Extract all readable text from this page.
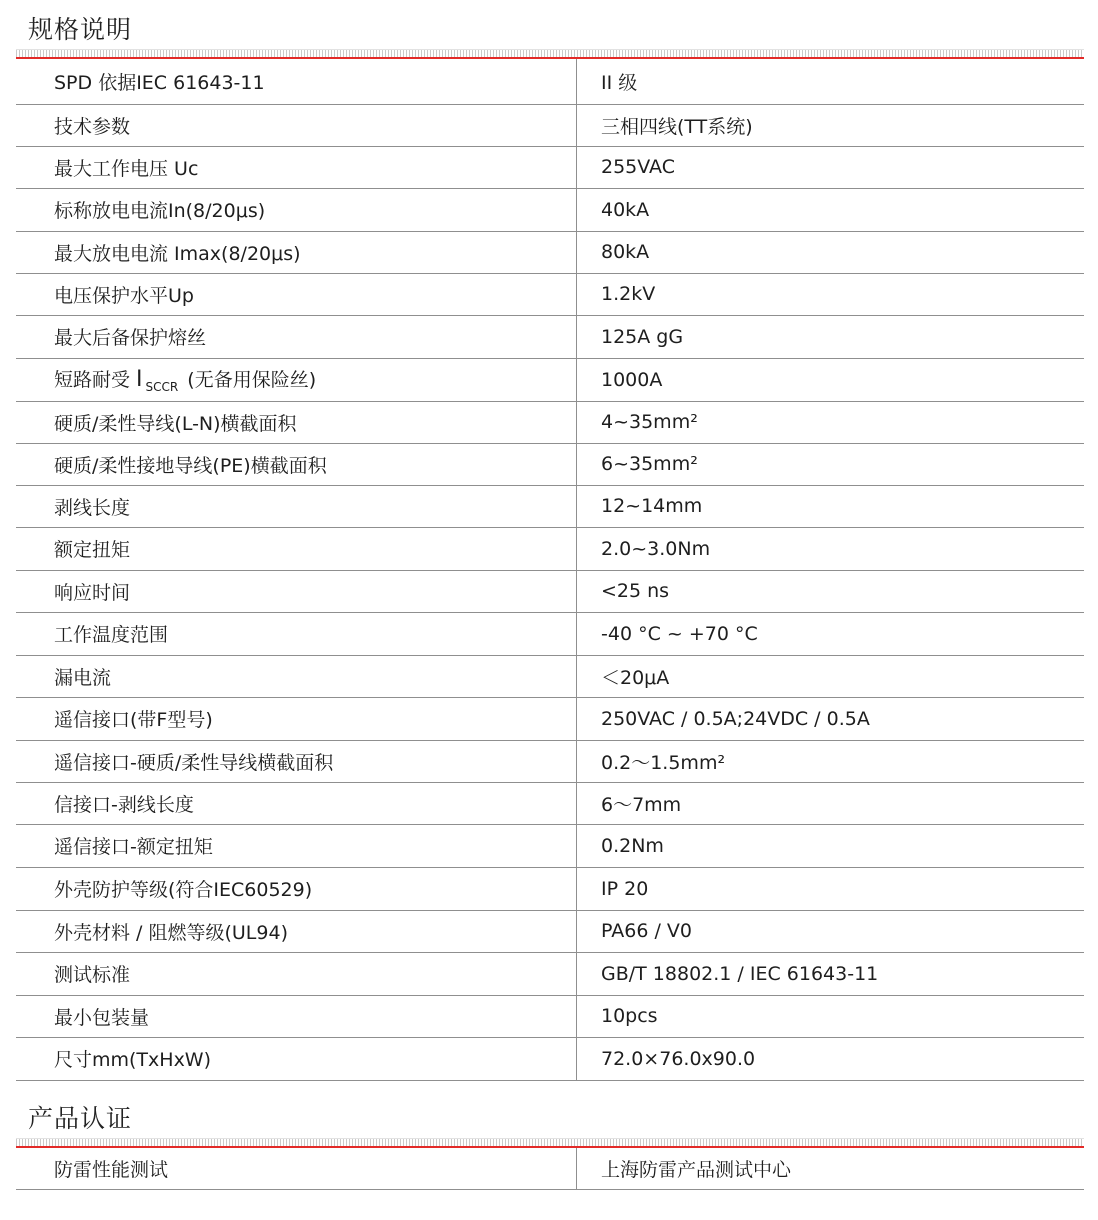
规格说明
SPD 依据IEC 61643-11	II 级
技术参数	三相四线(TT系统)
最大工作电压 Uc	255VAC
标称放电电流In(8/20μs)	40kA
最大放电电流 Imax(8/20μs)	80kA
电压保护水平Up	1.2kV
最大后备保护熔丝	125A gG
短路耐受 I $_{SCCR}$ (无备用保险丝)	1000A
硬质/柔性导线(L-N)横截面积	4~35mm²
硬质/柔性接地导线(PE)横截面积	6~35mm²
剥线长度	12~14mm
额定扭矩	2.0~3.0Nm
响应时间	<25 ns
工作温度范围	-40 °C ~ +70 °C
漏电流	＜20μA
遥信接口(带F型号)	250VAC / 0.5A;24VDC / 0.5A
遥信接口-硬质/柔性导线横截面积	0.2～1.5mm²
信接口-剥线长度	6～7mm
遥信接口-额定扭矩	0.2Nm
外壳防护等级(符合IEC60529)	IP 20
外壳材料 / 阻燃等级(UL94)	PA66 / V0
测试标准	GB/T 18802.1 / IEC 61643-11
最小包装量	10pcs
尺寸mm(TxHxW)	72.0×76.0x90.0
产品认证
防雷性能测试	上海防雷产品测试中心
